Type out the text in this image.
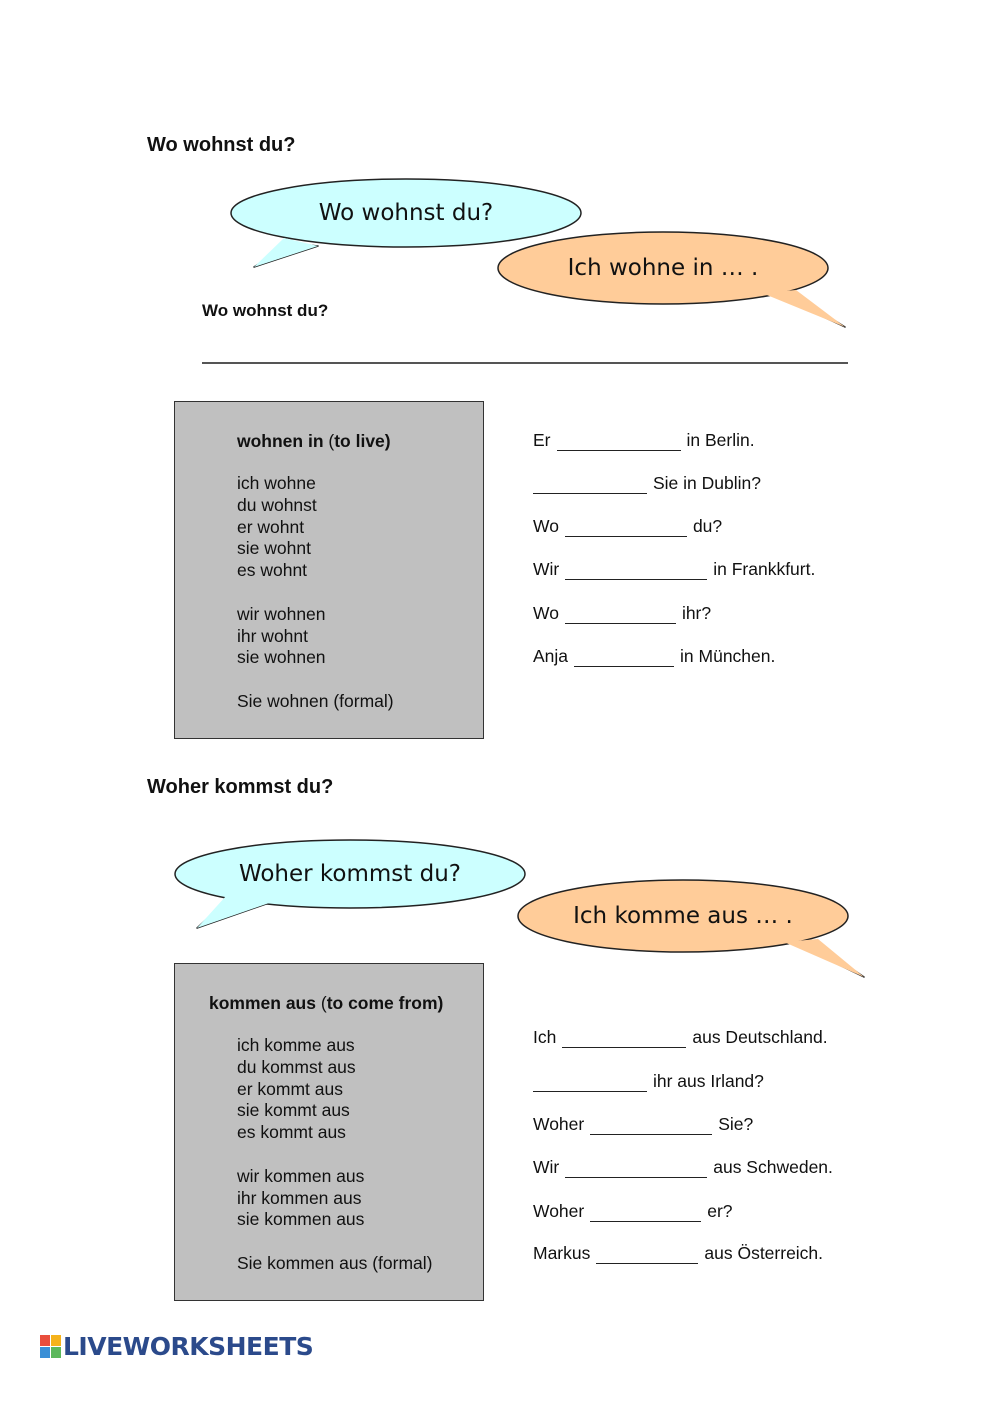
Wo wohnst du?
Wo wohnst du?
Ich wohne in … .
Woher kommst du?
Ich komme aus … .
Wo wohnst du?
wohnen in (to live)
ich wohne
du wohnst
er wohnt
sie wohnt
es wohnt
wir wohnen
ihr wohnt
sie wohnen
Sie wohnen (formal)
Er	in Berlin.
Sie in Dublin?
Wo	du?
Wir	in Frankkfurt.
Wo	ihr?
Anja	in München.
Woher kommst du?
kommen aus (to come from)
ich komme aus
du kommst aus
er kommt aus
sie kommt aus
es kommt aus
wir kommen aus
ihr kommen aus
sie kommen aus
Sie kommen aus (formal)
Ich	aus Deutschland.
ihr aus Irland?
Woher	Sie?
Wir	aus Schweden.
Woher	er?
Markus	aus Österreich.
LIVEWORKSHEETS
